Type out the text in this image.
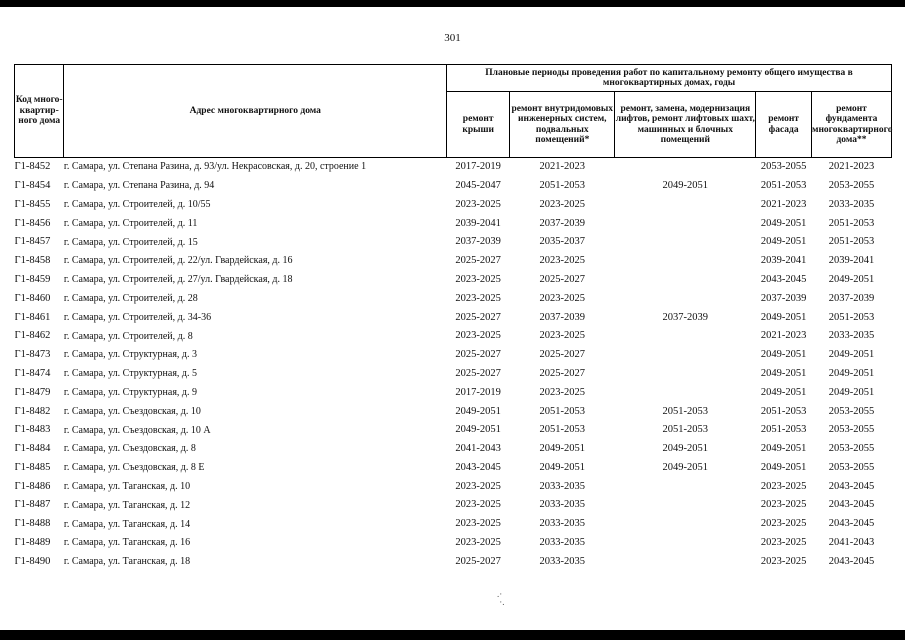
301
Код много-квартир-ного дома	Адрес многоквартирного дома	Плановые периоды проведения работ по капитальному ремонту общего имущества в многоквартирных домах, годы				
		ремонт крыши	ремонт внутридомовых инженерных систем, подвальных помещений*	ремонт, замена, модернизация лифтов, ремонт лифтовых шахт, машинных и блочных помещений	ремонт фасада	ремонт фундамента многоквартирного дома**
Г1-8452	г. Самара, ул. Степана Разина, д. 93/ул. Некрасовская, д. 20, строение 1	2017-2019	2021-2023		2053-2055	2021-2023
Г1-8454	г. Самара, ул. Степана Разина, д. 94	2045-2047	2051-2053	2049-2051	2051-2053	2053-2055
Г1-8455	г. Самара, ул. Строителей, д. 10/55	2023-2025	2023-2025		2021-2023	2033-2035
Г1-8456	г. Самара, ул. Строителей, д. 11	2039-2041	2037-2039		2049-2051	2051-2053
Г1-8457	г. Самара, ул. Строителей, д. 15	2037-2039	2035-2037		2049-2051	2051-2053
Г1-8458	г. Самара, ул. Строителей, д. 22/ул. Гвардейская, д. 16	2025-2027	2023-2025		2039-2041	2039-2041
Г1-8459	г. Самара, ул. Строителей, д. 27/ул. Гвардейская, д. 18	2023-2025	2025-2027		2043-2045	2049-2051
Г1-8460	г. Самара, ул. Строителей, д. 28	2023-2025	2023-2025		2037-2039	2037-2039
Г1-8461	г. Самара, ул. Строителей, д. 34-36	2025-2027	2037-2039	2037-2039	2049-2051	2051-2053
Г1-8462	г. Самара, ул. Строителей, д. 8	2023-2025	2023-2025		2021-2023	2033-2035
Г1-8473	г. Самара, ул. Структурная, д. 3	2025-2027	2025-2027		2049-2051	2049-2051
Г1-8474	г. Самара, ул. Структурная, д. 5	2025-2027	2025-2027		2049-2051	2049-2051
Г1-8479	г. Самара, ул. Структурная, д. 9	2017-2019	2023-2025		2049-2051	2049-2051
Г1-8482	г. Самара, ул. Съездовская, д. 10	2049-2051	2051-2053	2051-2053	2051-2053	2053-2055
Г1-8483	г. Самара, ул. Съездовская, д. 10 А	2049-2051	2051-2053	2051-2053	2051-2053	2053-2055
Г1-8484	г. Самара, ул. Съездовская, д. 8	2041-2043	2049-2051	2049-2051	2049-2051	2053-2055
Г1-8485	г. Самара, ул. Съездовская, д. 8 Е	2043-2045	2049-2051	2049-2051	2049-2051	2053-2055
Г1-8486	г. Самара, ул. Таганская, д. 10	2023-2025	2033-2035		2023-2025	2043-2045
Г1-8487	г. Самара, ул. Таганская, д. 12	2023-2025	2033-2035		2023-2025	2043-2045
Г1-8488	г. Самара, ул. Таганская, д. 14	2023-2025	2033-2035		2023-2025	2043-2045
Г1-8489	г. Самара, ул. Таганская, д. 16	2023-2025	2033-2035		2023-2025	2041-2043
Г1-8490	г. Самара, ул. Таганская, д. 18	2025-2027	2033-2035		2023-2025	2043-2045
.·
·.
